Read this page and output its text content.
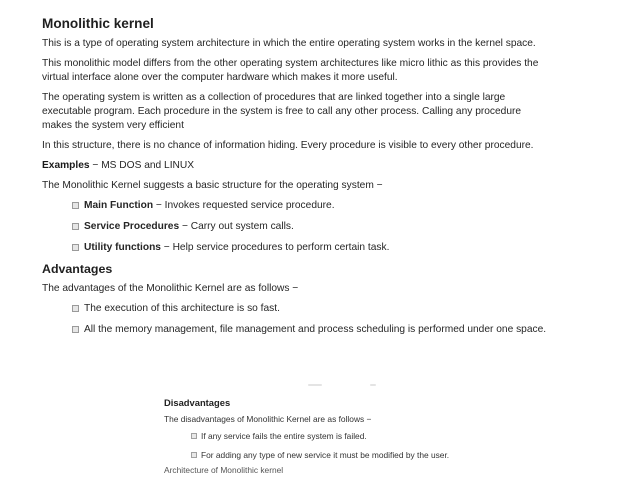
Monolithic kernel

This is a type of operating system architecture in which the entire operating system works in the kernel space.

This monolithic model differs from the other operating system architectures like micro lithic as this provides the virtual interface alone over the computer hardware which makes it more useful.

The operating system is written as a collection of procedures that are linked together into a single large executable program. Each procedure in the system is free to call any other process. Calling any procedure makes the system very efficient

In this structure, there is no chance of information hiding. Every procedure is visible to every other procedure.

Examples − MS DOS and LINUX

The Monolithic Kernel suggests a basic structure for the operating system −

Main Function − Invokes requested service procedure.
Service Procedures − Carry out system calls.
Utility functions − Help service procedures to perform certain task.
Advantages

The advantages of the Monolithic Kernel are as follows −

The execution of this architecture is so fast.
All the memory management, file management and process scheduling is performed under one space.
Disadvantages

The disadvantages of Monolithic Kernel are as follows −

If any service fails the entire system is failed.
For adding any type of new service it must be modified by the user.
Architecture of Monolithic kernel
